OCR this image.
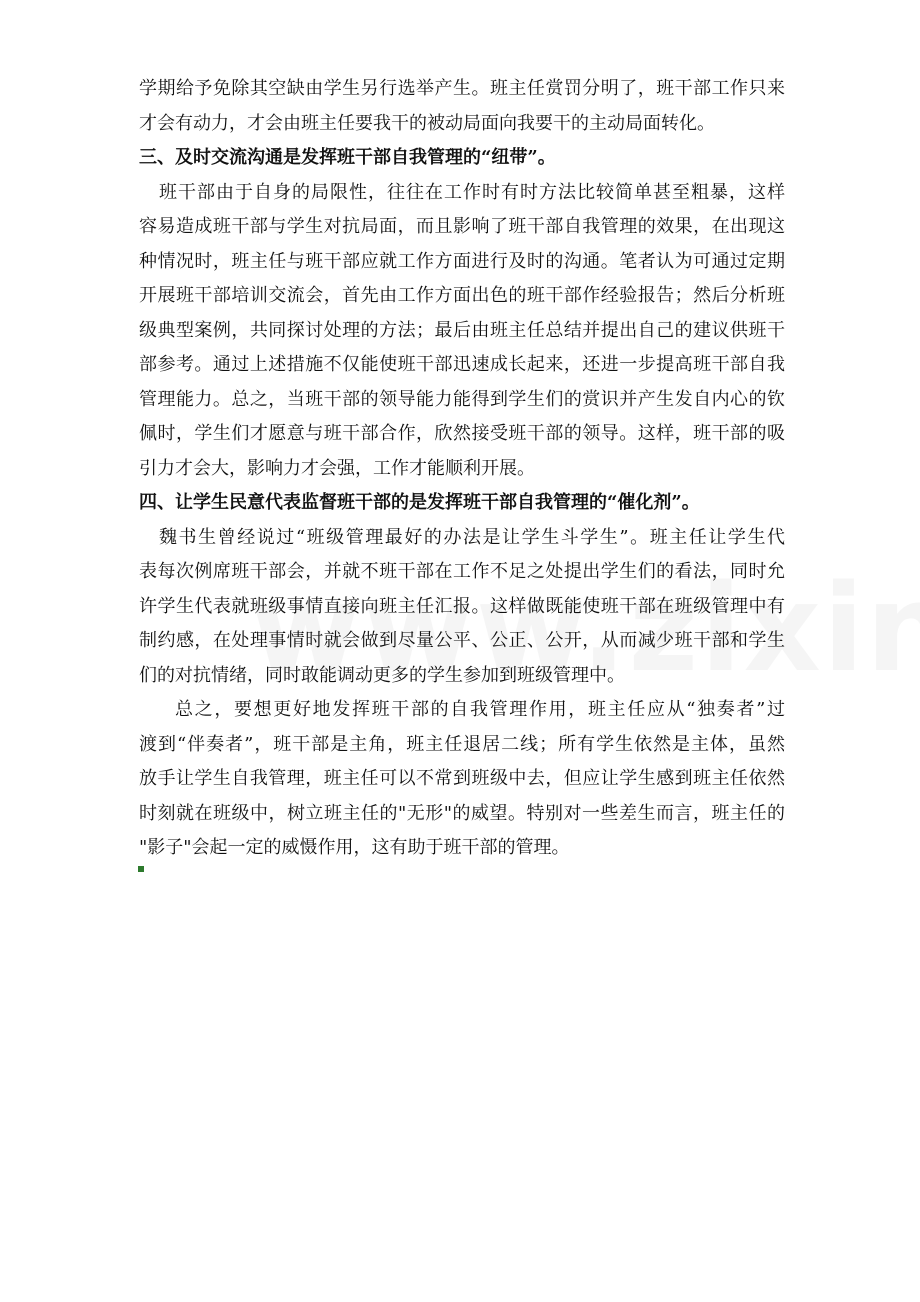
学期给予免除其空缺由学生另行选举产生。班主任赏罚分明了，班干部工作只来
才会有动力，才会由班主任要我干的被动局面向我要干的主动局面转化。
三、及时交流沟通是发挥班干部自我管理的“纽带”。
班干部由于自身的局限性，往往在工作时有时方法比较简单甚至粗暴，这样
容易造成班干部与学生对抗局面，而且影响了班干部自我管理的效果，在出现这
种情况时，班主任与班干部应就工作方面进行及时的沟通。笔者认为可通过定期
开展班干部培训交流会，首先由工作方面出色的班干部作经验报告；然后分析班
级典型案例，共同探讨处理的方法；最后由班主任总结并提出自己的建议供班干
部参考。通过上述措施不仅能使班干部迅速成长起来，还进一步提高班干部自我
管理能力。总之，当班干部的领导能力能得到学生们的赏识并产生发自内心的钦
佩时，学生们才愿意与班干部合作，欣然接受班干部的领导。这样，班干部的吸
引力才会大，影响力才会强，工作才能顺利开展。
四、让学生民意代表监督班干部的是发挥班干部自我管理的“催化剂”。
魏书生曾经说过“班级管理最好的办法是让学生斗学生”。班主任让学生代
表每次例席班干部会，并就不班干部在工作不足之处提出学生们的看法，同时允
许学生代表就班级事情直接向班主任汇报。这样做既能使班干部在班级管理中有
制约感，在处理事情时就会做到尽量公平、公正、公开，从而减少班干部和学生
们的对抗情绪，同时敢能调动更多的学生参加到班级管理中。
总之，要想更好地发挥班干部的自我管理作用，班主任应从“独奏者”过
渡到“伴奏者”，班干部是主角，班主任退居二线；所有学生依然是主体，虽然
放手让学生自我管理，班主任可以不常到班级中去，但应让学生感到班主任依然
时刻就在班级中，树立班主任的"无形"的威望。特别对一些差生而言，班主任的
"影子"会起一定的威慑作用，这有助于班干部的管理。
